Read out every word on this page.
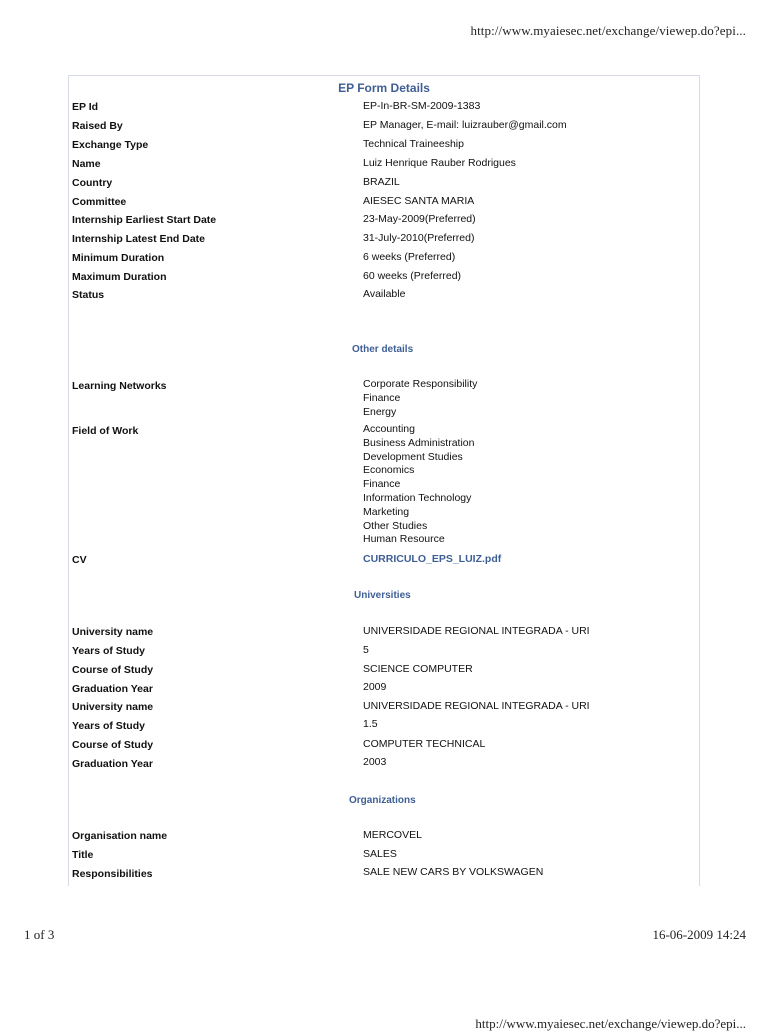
http://www.myaiesec.net/exchange/viewep.do?epi...
EP Form Details
EP Id	EP-In-BR-SM-2009-1383
Raised By	EP Manager, E-mail: luizrauber@gmail.com
Exchange Type	Technical Traineeship
Name	Luiz Henrique Rauber Rodrigues
Country	BRAZIL
Committee	AIESEC SANTA MARIA
Internship Earliest Start Date	23-May-2009(Preferred)
Internship Latest End Date	31-July-2010(Preferred)
Minimum Duration	6 weeks (Preferred)
Maximum Duration	60 weeks (Preferred)
Status	Available
Other details
Learning Networks	Corporate Responsibility
Finance
Energy
Field of Work	Accounting
Business Administration
Development Studies
Economics
Finance
Information Technology
Marketing
Other Studies
Human Resource
CV	CURRICULO_EPS_LUIZ.pdf
Universities
University name	UNIVERSIDADE REGIONAL INTEGRADA - URI
Years of Study	5
Course of Study	SCIENCE COMPUTER
Graduation Year	2009
University name	UNIVERSIDADE REGIONAL INTEGRADA - URI
Years of Study	1.5
Course of Study	COMPUTER TECHNICAL
Graduation Year	2003
Organizations
Organisation name	MERCOVEL
Title	SALES
Responsibilities	SALE NEW CARS BY VOLKSWAGEN
1 of 3	16-06-2009 14:24
http://www.myaiesec.net/exchange/viewep.do?epi...
